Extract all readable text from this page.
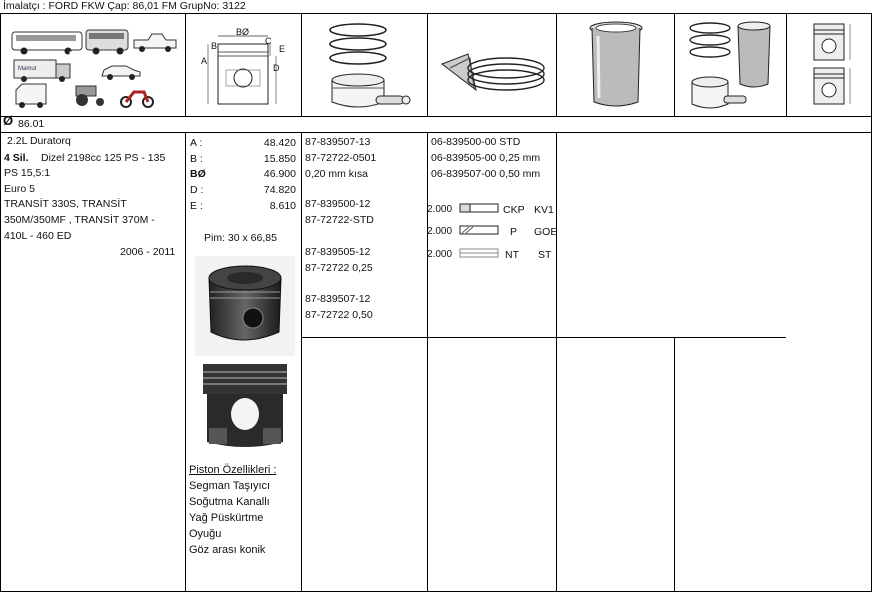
İmalatçı : FORD FKW Çap: 86,01 FM GrupNo: 3122
Mamut
BØ
C
E
B
A
D
Ø 86.01
2.2L Duratorq
4 Sil. Dizel 2198cc 125 PS - 135
PS 15,5:1
Euro 5
TRANSİT 330S, TRANSİT
350M/350MF , TRANSİT 370M -
410L - 460 ED
2006 - 2011
A :	48.420
B :	15.850
BØ	46.900
D :	74.820
E :	8.610
Pim: 30 x 66,85
Piston Özellikleri :
Segman Taşıyıcı
Soğutma Kanallı
Yağ Püskürtme
Oyuğu
Göz arası konik
87-839507-13
87-72722-0501
0,20 mm kısa
87-839500-12
87-72722-STD
87-839505-12
87-72722 0,25
87-839507-12
87-72722 0,50
06-839500-00 STD
06-839505-00 0,25 mm
06-839507-00 0,50 mm
2.000	CKP KV1
2.000	P GOE
2.000	NT ST
